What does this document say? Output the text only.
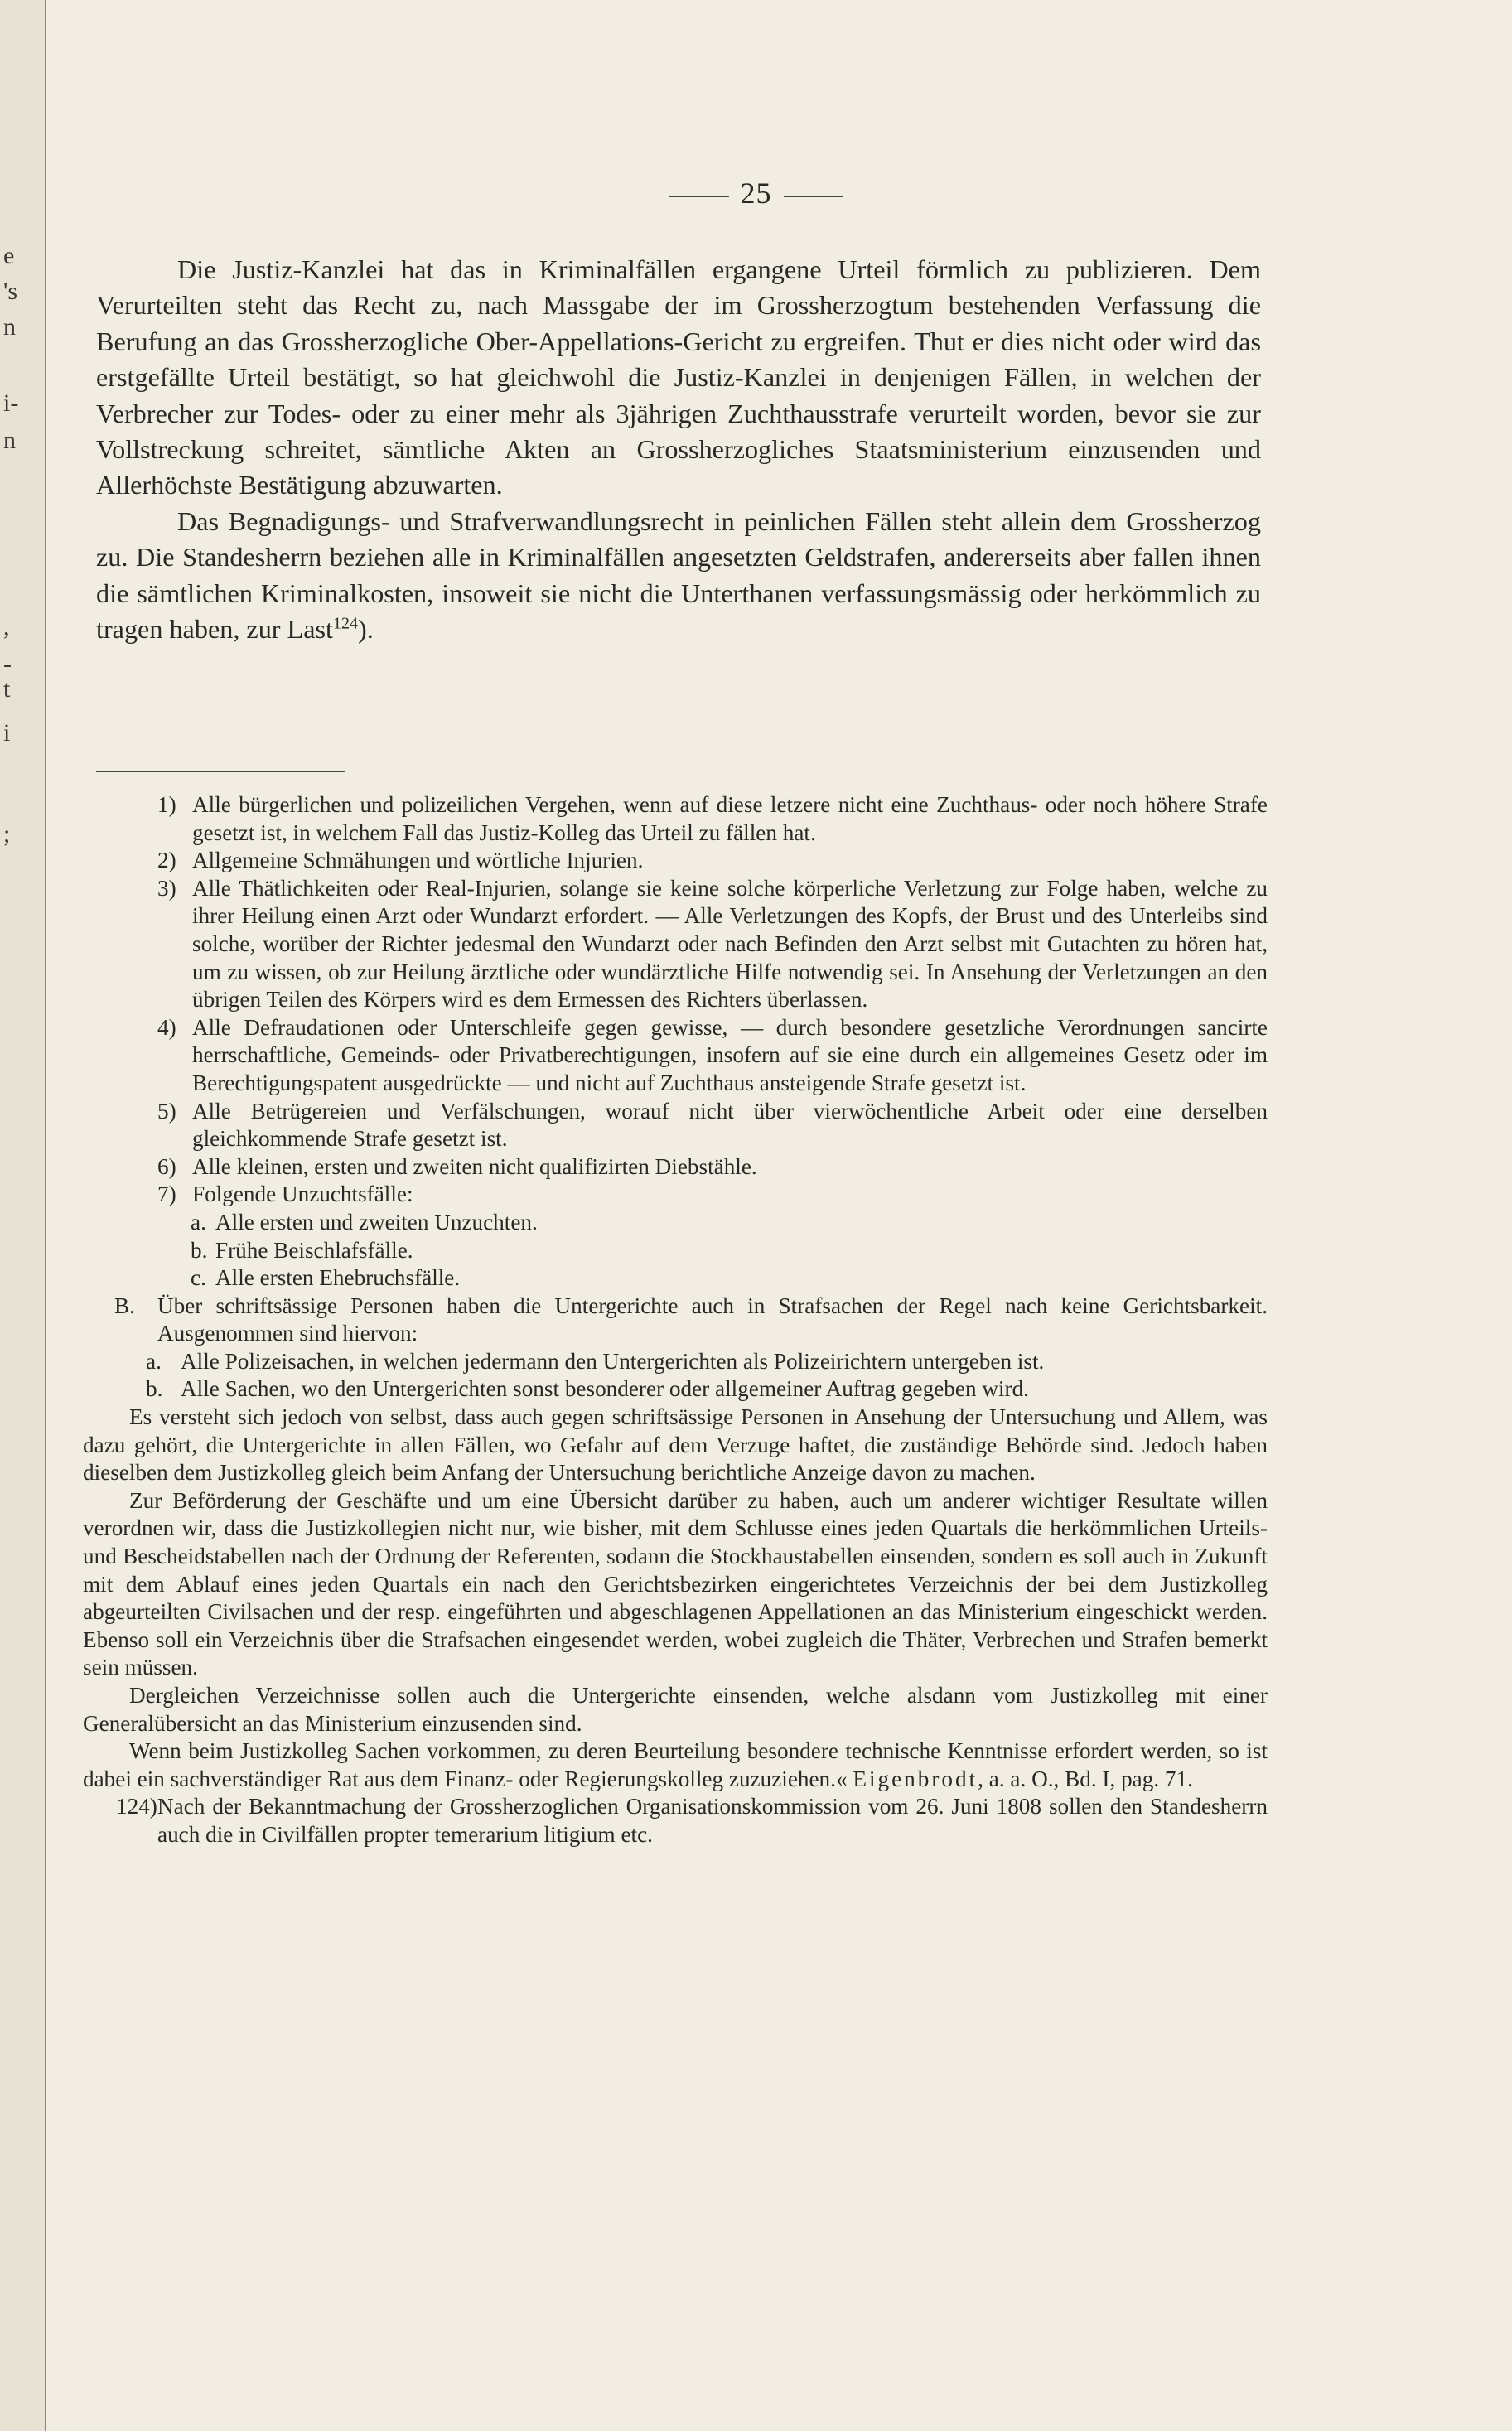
e
's
n
i-
n
,
-
t
i
;
25

Die Justiz-Kanzlei hat das in Kriminalfällen ergangene Urteil förmlich zu publizieren. Dem Verurteilten steht das Recht zu, nach Massgabe der im Grossherzogtum bestehenden Verfassung die Berufung an das Grossherzogliche Ober-Appellations-Gericht zu ergreifen. Thut er dies nicht oder wird das erstgefällte Urteil bestätigt, so hat gleichwohl die Justiz-Kanzlei in denjenigen Fällen, in welchen der Verbrecher zur Todes- oder zu einer mehr als 3jährigen Zuchthausstrafe verurteilt worden, bevor sie zur Vollstreckung schreitet, sämtliche Akten an Grossherzogliches Staatsministerium einzusenden und Allerhöchste Bestätigung abzuwarten.

Das Begnadigungs- und Strafverwandlungsrecht in peinlichen Fällen steht allein dem Grossherzog zu. Die Standesherrn beziehen alle in Kriminalfällen angesetzten Geldstrafen, andererseits aber fallen ihnen die sämtlichen Kriminalkosten, insoweit sie nicht die Unterthanen verfassungsmässig oder herkömmlich zu tragen haben, zur Last$^{124}$).

1) Alle bürgerlichen und polizeilichen Vergehen, wenn auf diese letzere nicht eine Zuchthaus- oder noch höhere Strafe gesetzt ist, in welchem Fall das Justiz-Kolleg das Urteil zu fällen hat.
2) Allgemeine Schmähungen und wörtliche Injurien.
3) Alle Thätlichkeiten oder Real-Injurien, solange sie keine solche körperliche Verletzung zur Folge haben, welche zu ihrer Heilung einen Arzt oder Wundarzt erfordert. — Alle Verletzungen des Kopfs, der Brust und des Unterleibs sind solche, worüber der Richter jedesmal den Wundarzt oder nach Befinden den Arzt selbst mit Gutachten zu hören hat, um zu wissen, ob zur Heilung ärztliche oder wundärztliche Hilfe notwendig sei. In Ansehung der Verletzungen an den übrigen Teilen des Körpers wird es dem Ermessen des Richters überlassen.
4) Alle Defraudationen oder Unterschleife gegen gewisse, — durch besondere gesetzliche Verordnungen sancirte herrschaftliche, Gemeinds- oder Privatberechtigungen, insofern auf sie eine durch ein allgemeines Gesetz oder im Berechtigungspatent ausgedrückte — und nicht auf Zuchthaus ansteigende Strafe gesetzt ist.
5) Alle Betrügereien und Verfälschungen, worauf nicht über vierwöchentliche Arbeit oder eine derselben gleichkommende Strafe gesetzt ist.
6) Alle kleinen, ersten und zweiten nicht qualifizirten Diebstähle.
7) Folgende Unzuchtsfälle:
a. Alle ersten und zweiten Unzuchten.
b. Frühe Beischlafsfälle.
c. Alle ersten Ehebruchsfälle.
B. Über schriftsässige Personen haben die Untergerichte auch in Strafsachen der Regel nach keine Gerichtsbarkeit. Ausgenommen sind hiervon:
a. Alle Polizeisachen, in welchen jedermann den Untergerichten als Polizeirichtern untergeben ist.
b. Alle Sachen, wo den Untergerichten sonst besonderer oder allgemeiner Auftrag gegeben wird.

Es versteht sich jedoch von selbst, dass auch gegen schriftsässige Personen in Ansehung der Untersuchung und Allem, was dazu gehört, die Untergerichte in allen Fällen, wo Gefahr auf dem Verzuge haftet, die zuständige Behörde sind. Jedoch haben dieselben dem Justizkolleg gleich beim Anfang der Untersuchung berichtliche Anzeige davon zu machen.

Zur Beförderung der Geschäfte und um eine Übersicht darüber zu haben, auch um anderer wichtiger Resultate willen verordnen wir, dass die Justizkollegien nicht nur, wie bisher, mit dem Schlusse eines jeden Quartals die herkömmlichen Urteils- und Bescheidstabellen nach der Ordnung der Referenten, sodann die Stockhaustabellen einsenden, sondern es soll auch in Zukunft mit dem Ablauf eines jeden Quartals ein nach den Gerichtsbezirken eingerichtetes Verzeichnis der bei dem Justizkolleg abgeurteilten Civilsachen und der resp. eingeführten und abgeschlagenen Appellationen an das Ministerium eingeschickt werden. Ebenso soll ein Verzeichnis über die Strafsachen eingesendet werden, wobei zugleich die Thäter, Verbrechen und Strafen bemerkt sein müssen.

Dergleichen Verzeichnisse sollen auch die Untergerichte einsenden, welche alsdann vom Justizkolleg mit einer Generalübersicht an das Ministerium einzusenden sind.

Wenn beim Justizkolleg Sachen vorkommen, zu deren Beurteilung besondere technische Kenntnisse erfordert werden, so ist dabei ein sachverständiger Rat aus dem Finanz- oder Regierungskolleg zuzuziehen.« Eigenbrodt, a. a. O., Bd. I, pag. 71.

124) Nach der Bekanntmachung der Grossherzoglichen Organisationskommission vom 26. Juni 1808 sollen den Standesherrn auch die in Civilfällen propter temerarium litigium etc.
